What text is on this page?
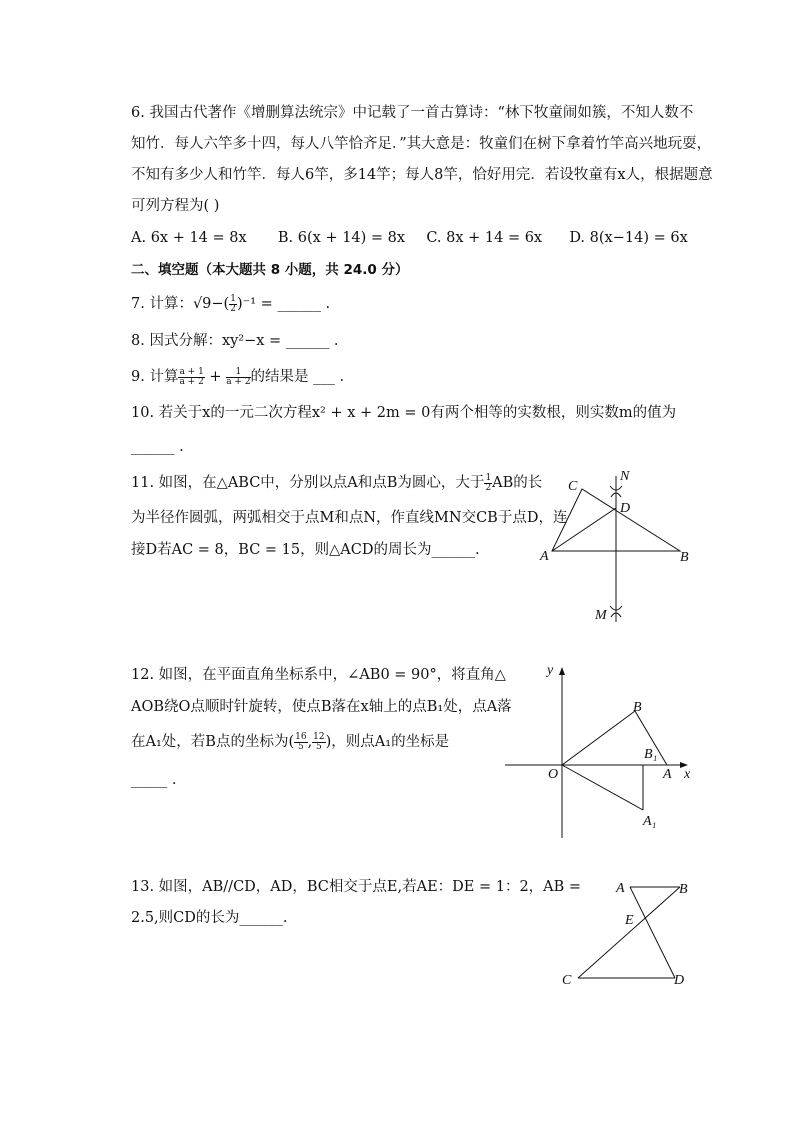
6. 我国古代著作《增删算法统宗》中记载了一首古算诗：“林下牧童闹如簇，不知人数不
知竹．每人六竿多十四，每人八竿恰齐足．”其大意是：牧童们在树下拿着竹竿高兴地玩耍，
不知有多少人和竹竿．每人6竿，多14竿；每人8竿，恰好用完．若设牧童有x人，根据题意
可列方程为( )
A. 6x + 14 = 8x B. 6(x + 14) = 8x C. 8x + 14 = 6x D. 8(x−14) = 6x
二、填空题（本大题共 8 小题，共 24.0 分）
7. 计算：$√9-( \frac{1}{2} )^{-1}$ = ______ .
8. 因式分解：xy²−x = ______ .
9. 计算 $\frac{a + 1}{a + 2} + \frac{1}{a + 2}$ 的结果是 ___ .
10. 若关于x的一元二次方程x² + x + 2m = 0有两个相等的实数根，则实数m的值为
______ .
11. 如图，在△ABC中，分别以点A和点B为圆心，大于 $\frac{1}{2}$ AB的长
为半径作圆弧，两弧相交于点M和点N，作直线MN交CB于点D，连
接D若AC = 8，BC = 15，则△ACD的周长为______.
N
C
D
A	B
M
12. 如图，在平面直角坐标系中，∠AB0 = 90°，将直角△
AOB绕O点顺时针旋转，使点B落在x轴上的点B₁处，点A落
在A₁处，若B点的坐标为( $\frac{16}{5}$ , $\frac{12}{5}$ )，则点A₁的坐标是
_____ .
y
B
B₁
O	A x
A₁
13. 如图，AB//CD，AD，BC相交于点E,若AE：DE = 1：2，AB =
2.5,则CD的长为______.
A	B
E
C	D
